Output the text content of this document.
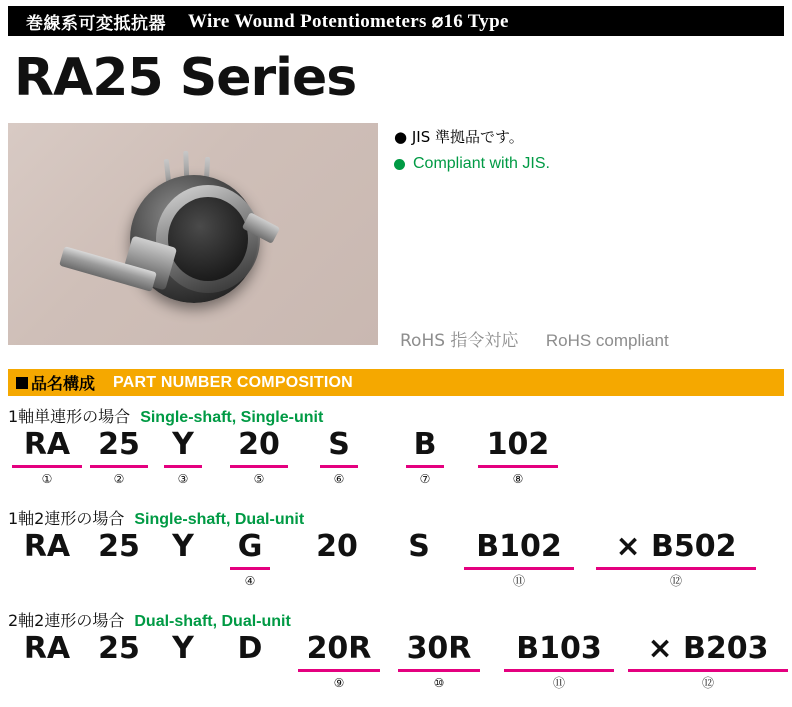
巻線系可変抵抗器 Wire Wound Potentiometers ⌀16 Type
RA25 Series
● JIS 準拠品です。
Compliant with JIS.
RoHS 指令対応 RoHS compliant
品名構成 PART NUMBER COMPOSITION
1軸単連形の場合 Single-shaft, Single-unit
RA
①
25
②
Y
③
20
⑤
S
⑥
B
⑦
102
⑧
1軸2連形の場合 Single-shaft, Dual-unit
RA 25 Y G
④
20 S	B102
⑪
× B502
⑫
2軸2連形の場合 Dual-shaft, Dual-unit
RA 25 Y D 20R
⑨
30R
⑩
B103
⑪
× B203
⑫
